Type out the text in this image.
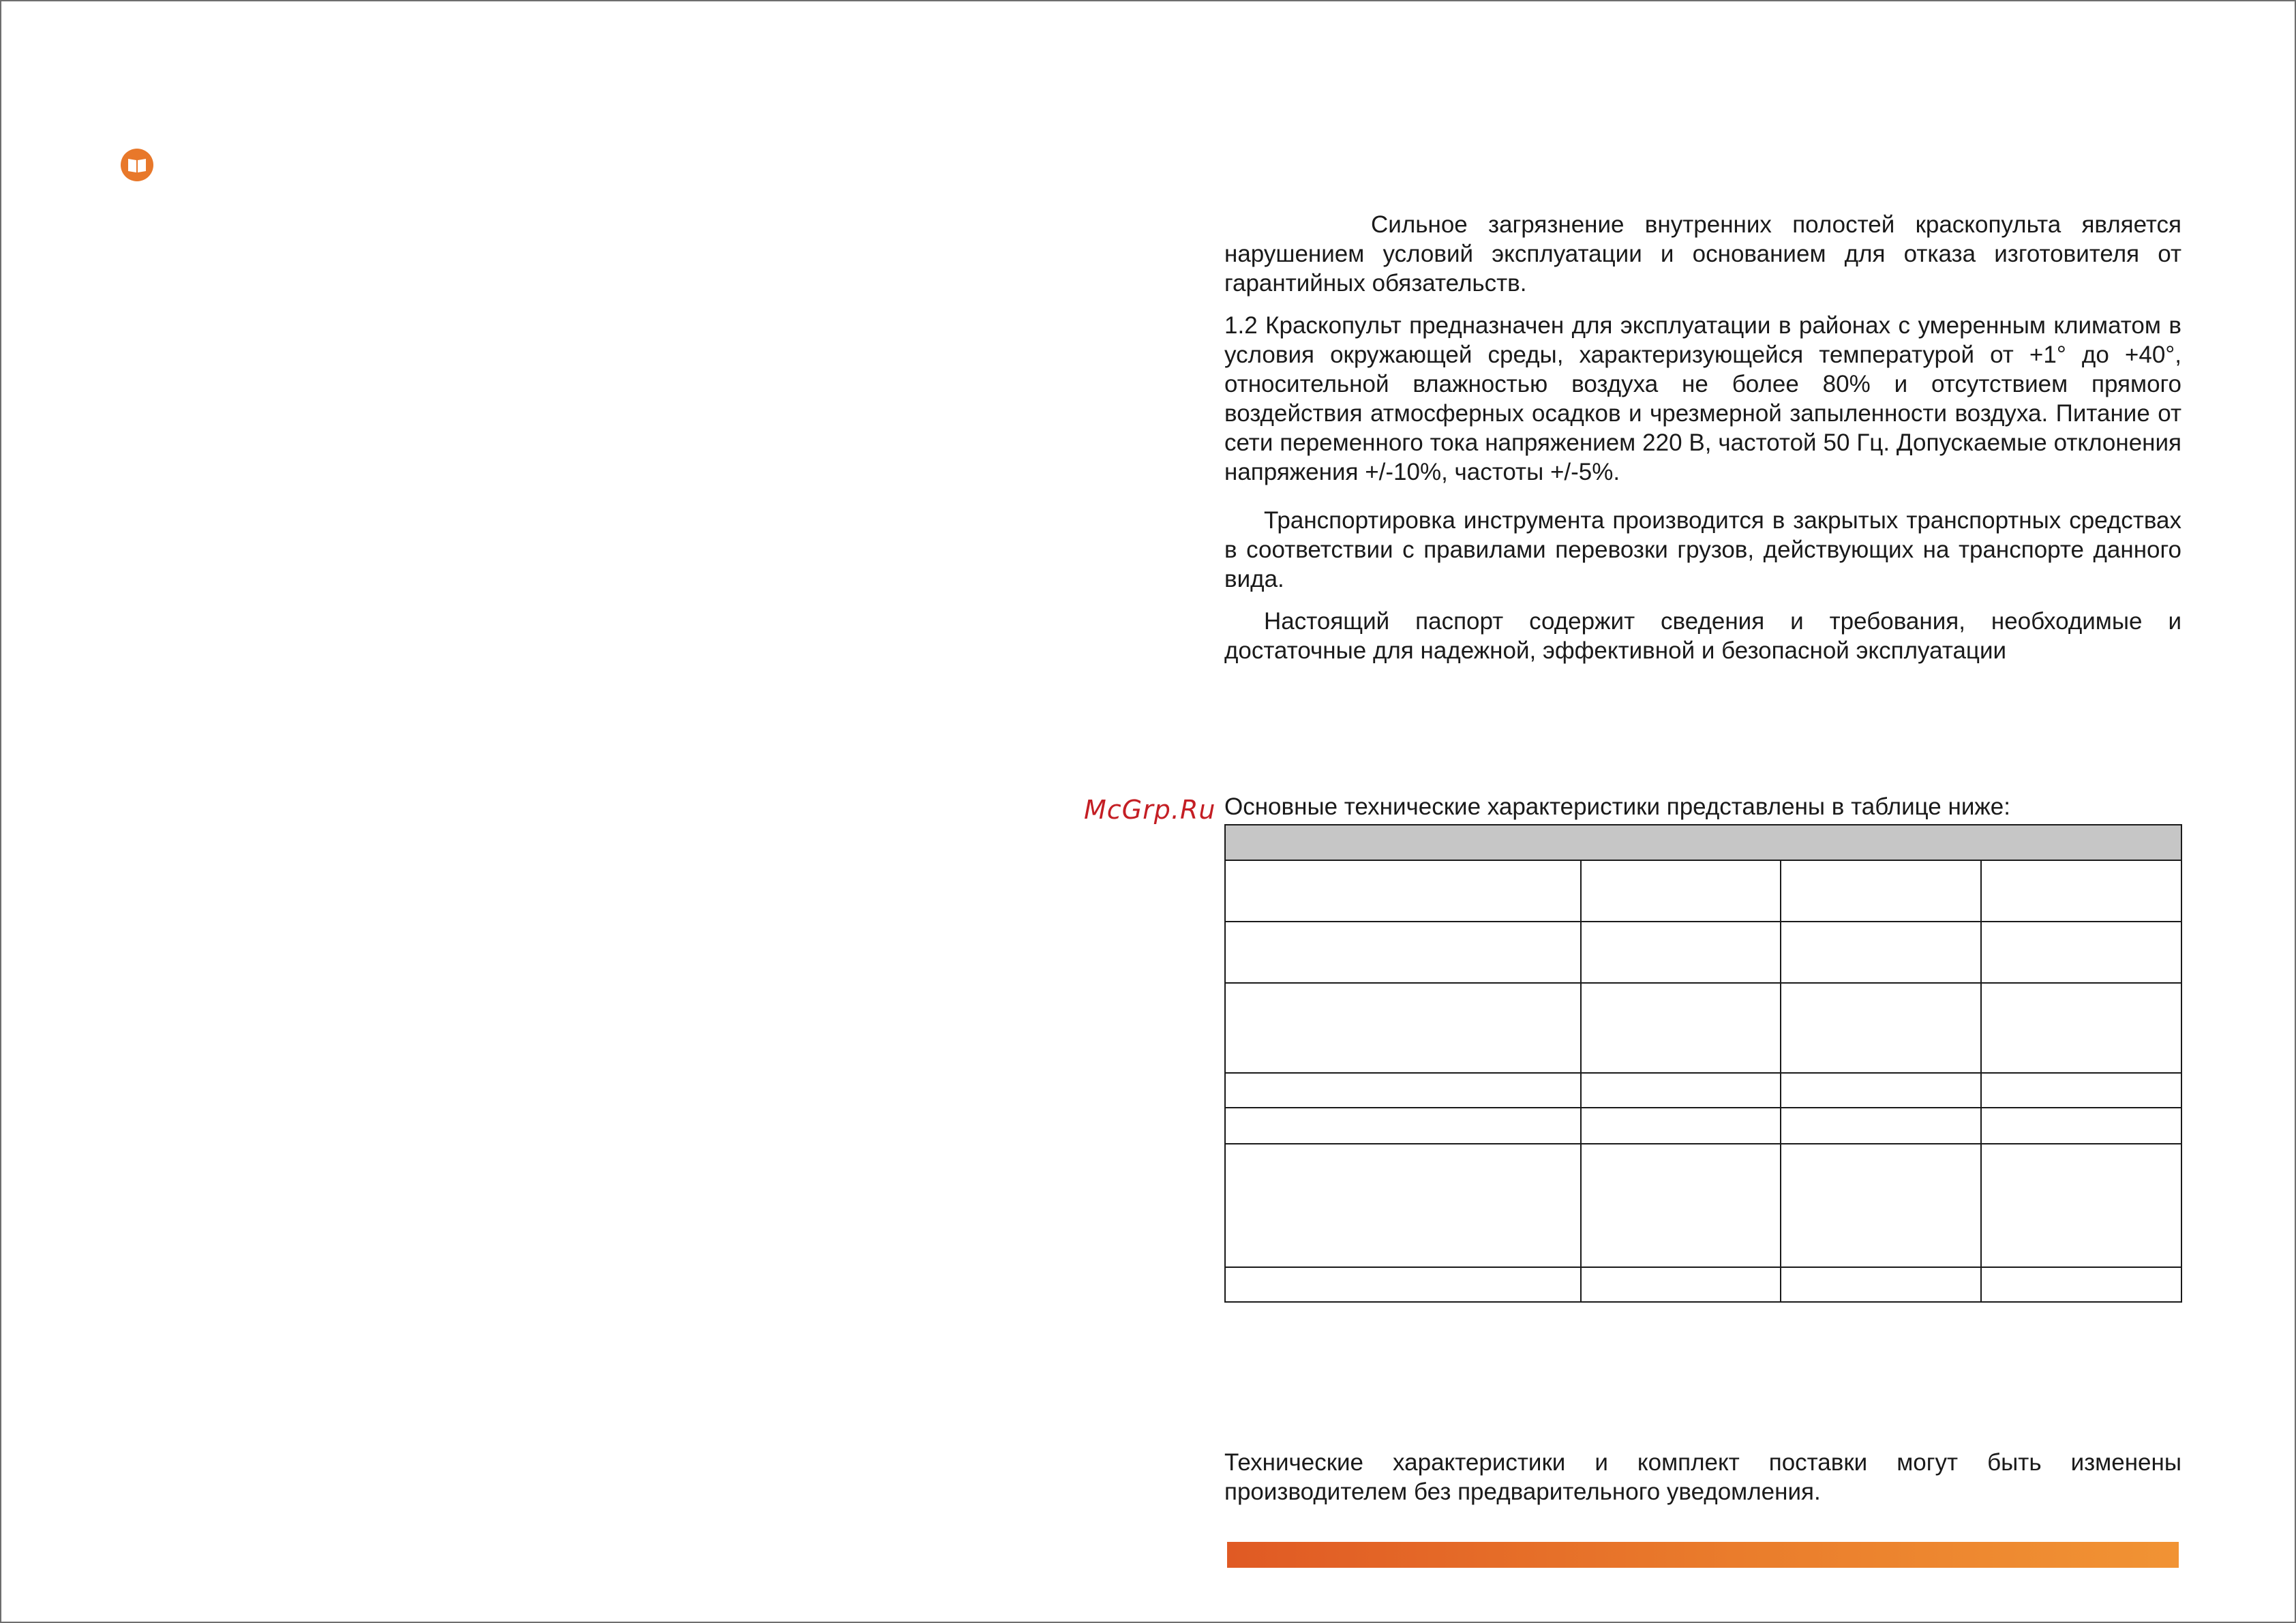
McGrp.Ru

Сильное загрязнение внутренних полостей краскопульта является нарушением условий эксплуатации и основанием для отказа изготовителя от гарантийных обязательств.

1.2 Краскопульт предназначен для эксплуатации в районах с умеренным климатом в условия окружающей среды, характеризующейся температурой от +1° до +40°, относительной влажностью воздуха не более 80% и отсутствием прямого воздействия атмосферных осадков и чрезмерной запыленности воздуха. Питание от сети переменного тока напряжением 220 В, частотой 50 Гц. Допускаемые отклонения напряжения +/-10%, частоты +/-5%.

Транспортировка инструмента производится в закрытых транспортных средствах в соответствии с правилами перевозки грузов, действующих на транспорте данного вида.

Настоящий паспорт содержит сведения и требования, необходимые и достаточные для надежной, эффективной и безопасной эксплуатации

Основные технические характеристики представлены в таблице ниже:

Технические характеристики и комплект поставки могут быть изменены производителем без предварительного уведомления.
